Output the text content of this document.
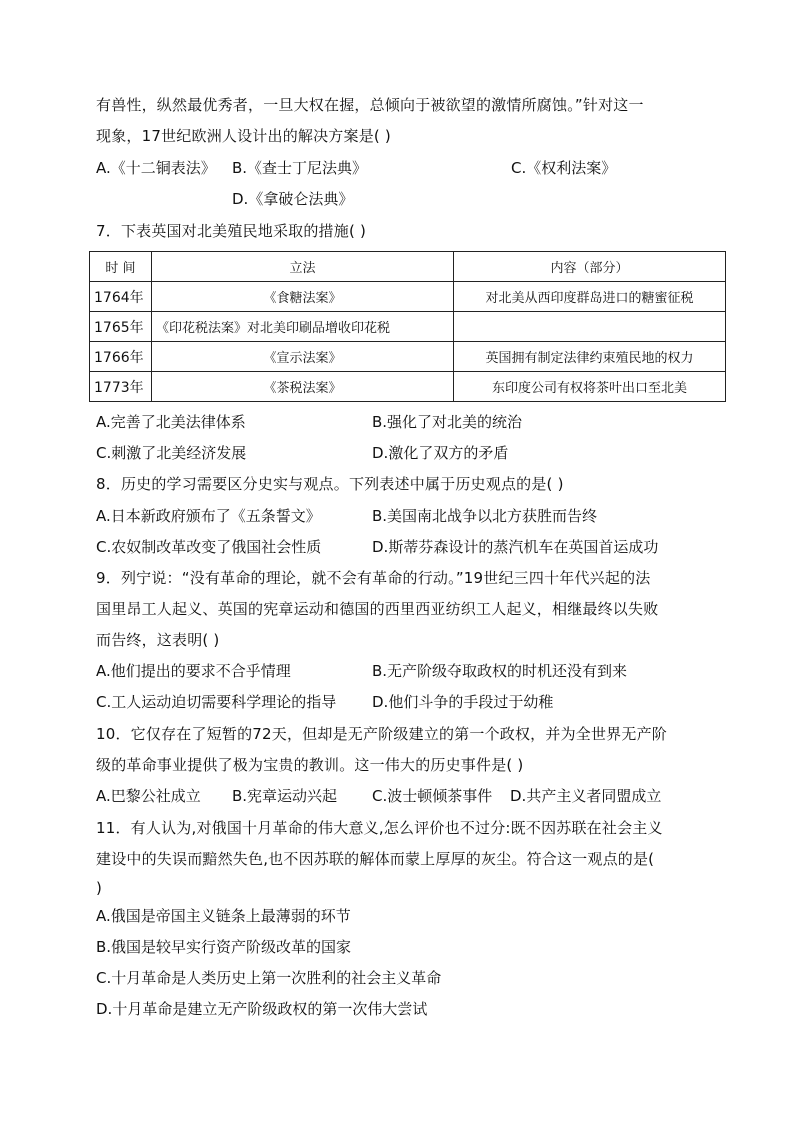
有兽性，纵然最优秀者，一旦大权在握，总倾向于被欲望的激情所腐蚀。”针对这一
现象，17世纪欧洲人设计出的解决方案是( )
A.《十二铜表法》 B.《查士丁尼法典》	C.《权利法案》
D.《拿破仑法典》
7．下表英国对北美殖民地采取的措施( )
时 间	立法	内容（部分）
1764年	《食糖法案》	对北美从西印度群岛进口的糖蜜征税
1765年	《印花税法案》对北美印刷品增收印花税	
1766年	《宣示法案》	英国拥有制定法律约束殖民地的权力
1773年	《茶税法案》	东印度公司有权将茶叶出口至北美
A.完善了北美法律体系	B.强化了对北美的统治
C.刺激了北美经济发展	D.激化了双方的矛盾
8．历史的学习需要区分史实与观点。下列表述中属于历史观点的是( )
A.日本新政府颁布了《五条誓文》	B.美国南北战争以北方获胜而告终
C.农奴制改革改变了俄国社会性质	D.斯蒂芬森设计的蒸汽机车在英国首运成功
9．列宁说：“没有革命的理论，就不会有革命的行动。”19世纪三四十年代兴起的法
国里昂工人起义、英国的宪章运动和德国的西里西亚纺织工人起义，相继最终以失败
而告终，这表明( )
A.他们提出的要求不合乎情理	B.无产阶级夺取政权的时机还没有到来
C.工人运动迫切需要科学理论的指导 D.他们斗争的手段过于幼稚
10．它仅存在了短暂的72天，但却是无产阶级建立的第一个政权，并为全世界无产阶
级的革命事业提供了极为宝贵的教训。这一伟大的历史事件是( )
A.巴黎公社成立 B.宪章运动兴起 C.波士顿倾茶事件 D.共产主义者同盟成立
11．有人认为,对俄国十月革命的伟大意义,怎么评价也不过分:既不因苏联在社会主义
建设中的失误而黯然失色,也不因苏联的解体而蒙上厚厚的灰尘。符合这一观点的是(
)
A.俄国是帝国主义链条上最薄弱的环节
B.俄国是较早实行资产阶级改革的国家
C.十月革命是人类历史上第一次胜利的社会主义革命
D.十月革命是建立无产阶级政权的第一次伟大尝试
